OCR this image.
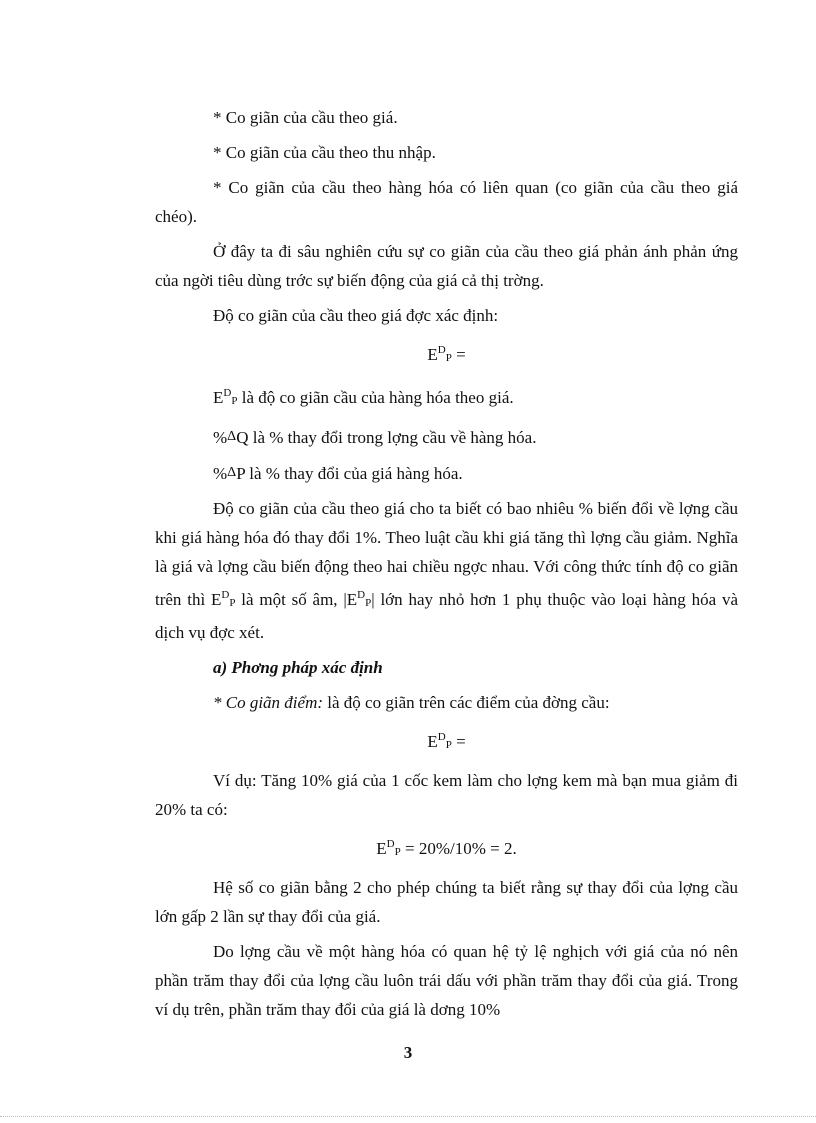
* Co giãn của cầu theo giá.

* Co giãn của cầu theo thu nhập.

* Co giãn của cầu theo hàng hóa có liên quan (co giãn của cầu theo giá chéo).

Ở đây ta đi sâu nghiên cứu sự co giãn của cầu theo giá phản ánh phản ứng của ngời tiêu dùng trớc sự biến động của giá cả thị trờng.

Độ co giãn của cầu theo giá đợc xác định:

$E^DP$ =

$E^DP$ là độ co giãn cầu của hàng hóa theo giá.

%ΔQ là % thay đổi trong lợng cầu về hàng hóa.

%ΔP là % thay đổi của giá hàng hóa.

Độ co giãn của cầu theo giá cho ta biết có bao nhiêu % biến đổi về lợng cầu khi giá hàng hóa đó thay đổi 1%. Theo luật cầu khi giá tăng thì lợng cầu giảm. Nghĩa là giá và lợng cầu biến động theo hai chiều ngợc nhau. Với công thức tính độ co giãn trên thì $E^DP$ là một số âm, $|E^DP|$ lớn hay nhỏ hơn 1 phụ thuộc vào loại hàng hóa và dịch vụ đợc xét.

a) Phơng pháp xác định

* Co giãn điểm: là độ co giãn trên các điểm của đờng cầu:

$E^DP$ =

Ví dụ: Tăng 10% giá của 1 cốc kem làm cho lợng kem mà bạn mua giảm đi 20% ta có:

$E^DP = 20\%/10\% = 2$.

Hệ số co giãn bằng 2 cho phép chúng ta biết rằng sự thay đổi của lợng cầu lớn gấp 2 lần sự thay đổi của giá.

Do lợng cầu về một hàng hóa có quan hệ tỷ lệ nghịch với giá của nó nên phần trăm thay đổi của lợng cầu luôn trái dấu với phần trăm thay đổi của giá. Trong ví dụ trên, phần trăm thay đổi của giá là dơng 10%

3
